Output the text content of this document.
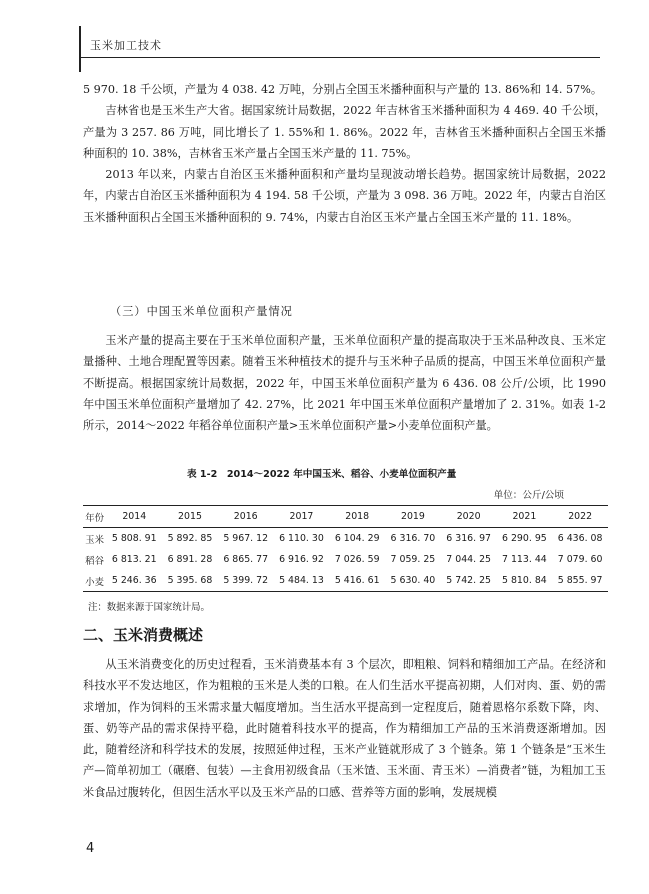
玉米加工技术

5 970. 18 千公顷，产量为 4 038. 42 万吨，分别占全国玉米播种面积与产量的 13. 86%和 14. 57%。

吉林省也是玉米生产大省。据国家统计局数据，2022 年吉林省玉米播种面积为 4 469. 40 千公顷，产量为 3 257. 86 万吨，同比增长了 1. 55%和 1. 86%。2022 年，吉林省玉米播种面积占全国玉米播种面积的 10. 38%，吉林省玉米产量占全国玉米产量的 11. 75%。

2013 年以来，内蒙古自治区玉米播种面积和产量均呈现波动增长趋势。据国家统计局数据，2022 年，内蒙古自治区玉米播种面积为 4 194. 58 千公顷，产量为 3 098. 36 万吨。2022 年，内蒙古自治区玉米播种面积占全国玉米播种面积的 9. 74%，内蒙古自治区玉米产量占全国玉米产量的 11. 18%。

（三）中国玉米单位面积产量情况

玉米产量的提高主要在于玉米单位面积产量，玉米单位面积产量的提高取决于玉米品种改良、玉米定量播种、土地合理配置等因素。随着玉米种植技术的提升与玉米种子品质的提高，中国玉米单位面积产量不断提高。根据国家统计局数据，2022 年，中国玉米单位面积产量为 6 436. 08 公斤/公顷，比 1990 年中国玉米单位面积产量增加了 42. 27%，比 2021 年中国玉米单位面积产量增加了 2. 31%。如表 1-2 所示，2014～2022 年稻谷单位面积产量>玉米单位面积产量>小麦单位面积产量。

表 1-2　2014～2022 年中国玉米、稻谷、小麦单位面积产量
单位：公斤/公顷
年份	2014	2015	2016	2017	2018	2019	2020	2021	2022
玉米	5 808. 91	5 892. 85	5 967. 12	6 110. 30	6 104. 29	6 316. 70	6 316. 97	6 290. 95	6 436. 08
稻谷	6 813. 21	6 891. 28	6 865. 77	6 916. 92	7 026. 59	7 059. 25	7 044. 25	7 113. 44	7 079. 60
小麦	5 246. 36	5 395. 68	5 399. 72	5 484. 13	5 416. 61	5 630. 40	5 742. 25	5 810. 84	5 855. 97
注：数据来源于国家统计局。
二、玉米消费概述

从玉米消费变化的历史过程看，玉米消费基本有 3 个层次，即粗粮、饲料和精细加工产品。在经济和科技水平不发达地区，作为粗粮的玉米是人类的口粮。在人们生活水平提高初期，人们对肉、蛋、奶的需求增加，作为饲料的玉米需求量大幅度增加。当生活水平提高到一定程度后，随着恩格尔系数下降，肉、蛋、奶等产品的需求保持平稳，此时随着科技水平的提高，作为精细加工产品的玉米消费逐渐增加。因此，随着经济和科学技术的发展，按照延伸过程，玉米产业链就形成了 3 个链条。第 1 个链条是“玉米生产—简单初加工（碾磨、包装）—主食用初级食品（玉米馇、玉米面、青玉米）—消费者”链，为粗加工玉米食品过腹转化，但因生活水平以及玉米产品的口感、营养等方面的影响，发展规模

4
